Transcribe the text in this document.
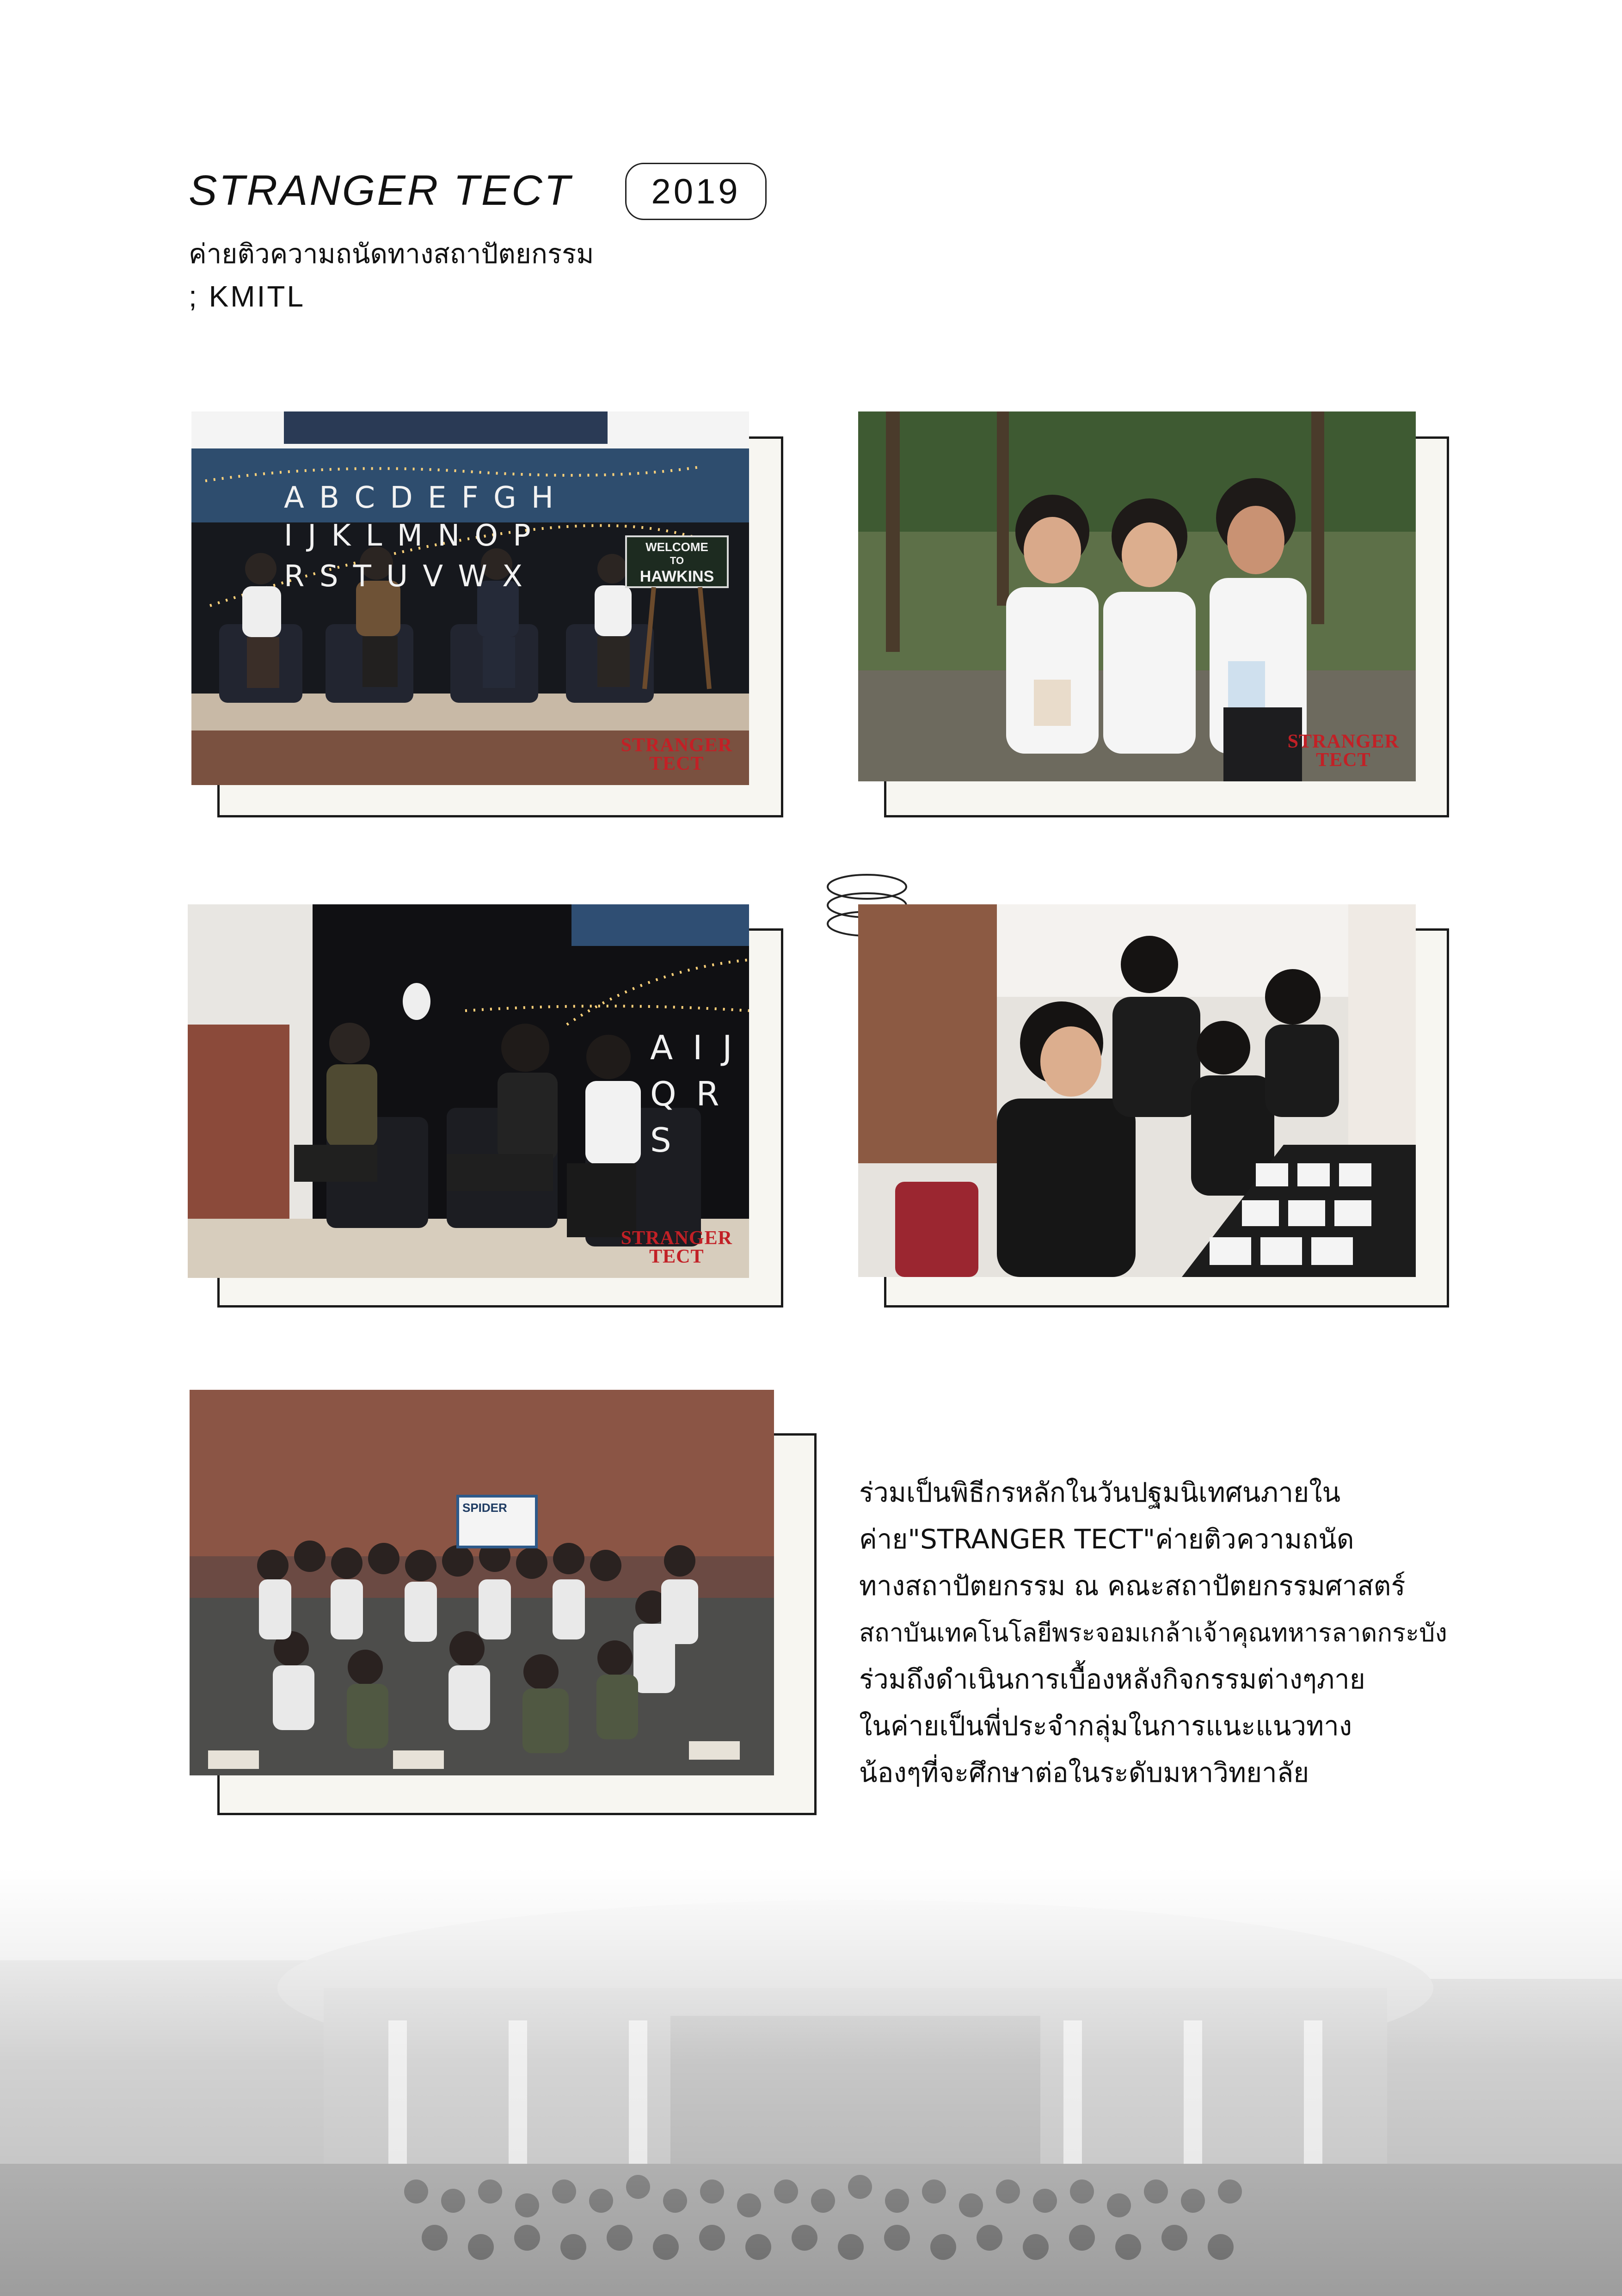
STRANGER TECT 2019
ค่ายติวความถนัดทางสถาปัตยกรรม
; KMITL
A B C D E F G H
I J K L M N O P
R S T U V W X
WELCOME
TO
HAWKINS
STRANGER
TECT
STRANGER
TECT
A I J Q R S
STRANGER
TECT
SPIDER	ร่วมเป็นพิธีกรหลักในวันปฐมนิเทศนภายใน
ค่าย"STRANGER TECT"ค่ายติวความถนัด
ทางสถาปัตยกรรม ณ คณะสถาปัตยกรรมศาสตร์
สถาบันเทคโนโลยีพระจอมเกล้าเจ้าคุณทหารลาดกระบัง
ร่วมถึงดำเนินการเบื้องหลังกิจกรรมต่างๆภาย
ในค่ายเป็นพี่ประจำกลุ่มในการแนะแนวทาง
น้องๆที่จะศึกษาต่อในระดับมหาวิทยาลัย
